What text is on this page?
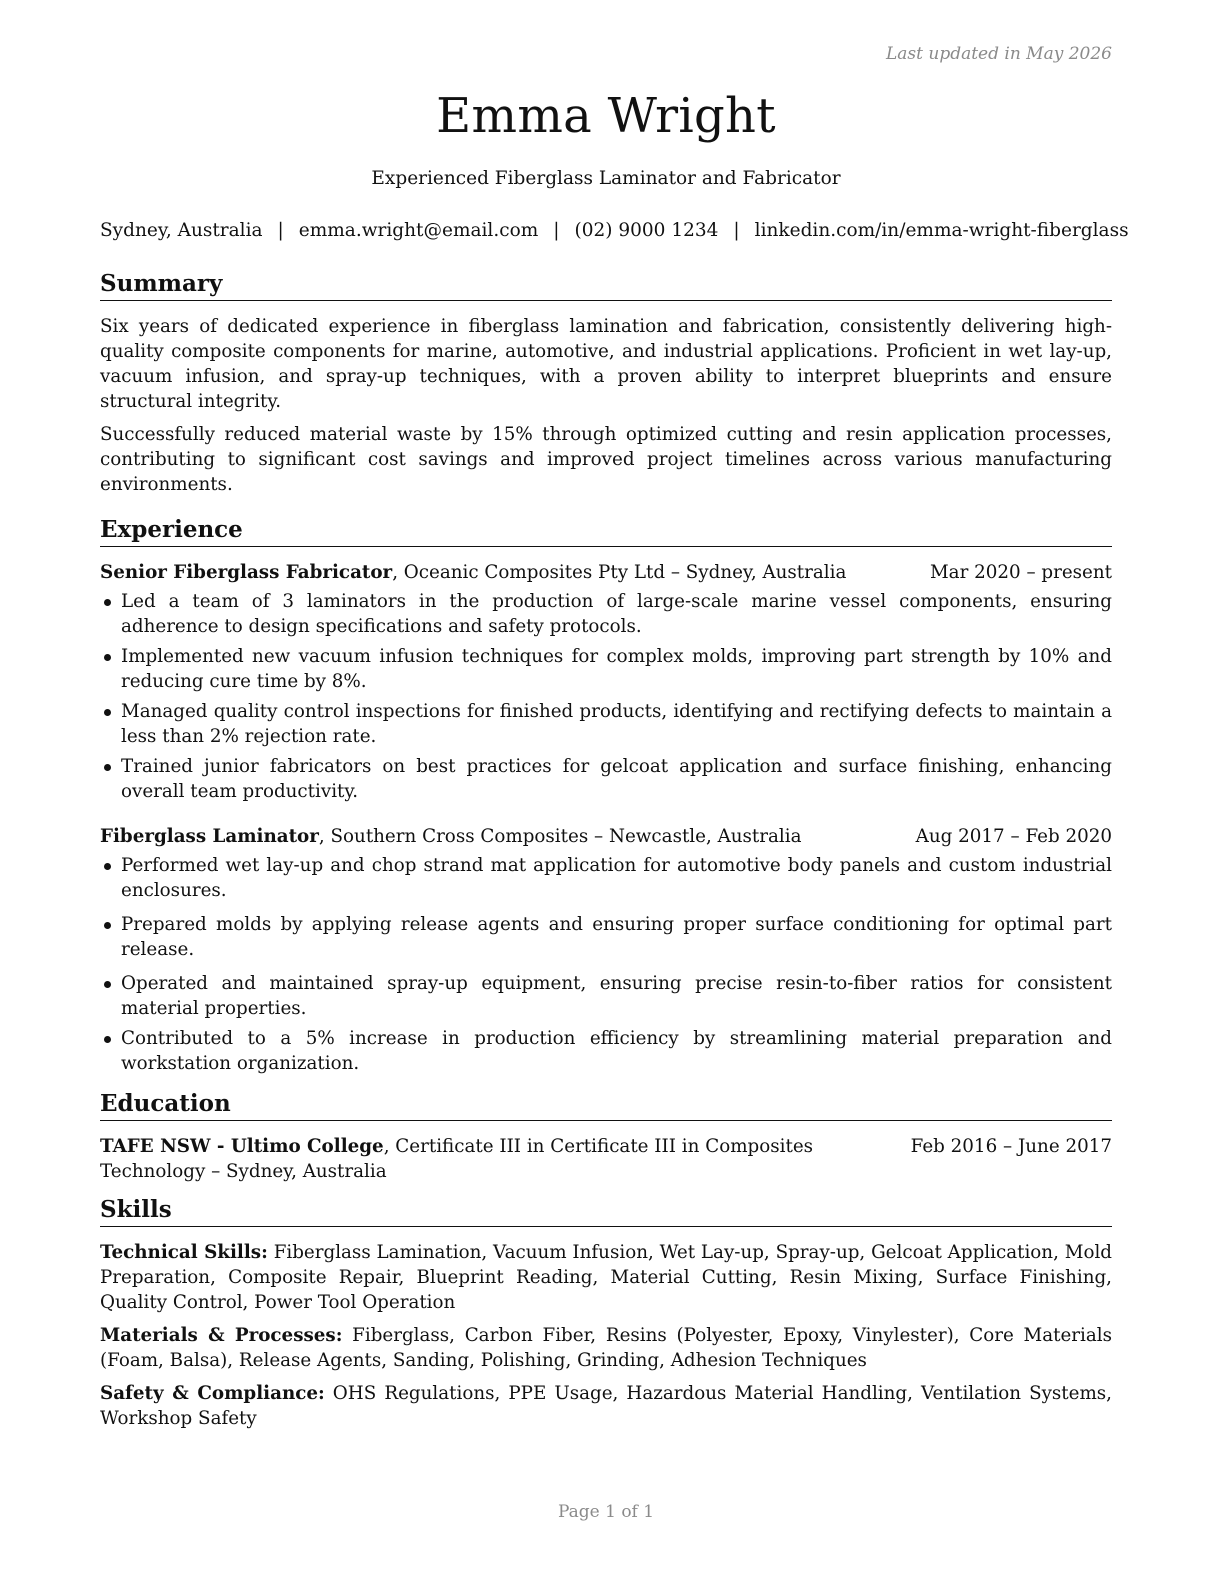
Last updated in May 2026
Emma Wright
Experienced Fiberglass Laminator and Fabricator
Sydney, Australia | emma.wright@email.com | (02) 9000 1234 | linkedin.com/in/emma-wright-fiberglass
Summary

Six years of dedicated experience in fiberglass lamination and fabrication, consistently delivering high-quality composite components for marine, automotive, and industrial applications. Proficient in wet lay-up, vacuum infusion, and spray-up techniques, with a proven ability to interpret blueprints and ensure structural integrity.

Successfully reduced material waste by 15% through optimized cutting and resin application processes, contributing to significant cost savings and improved project timelines across various manufacturing environments.

Experience
Senior Fiberglass Fabricator, Oceanic Composites Pty Ltd – Sydney, Australia	Mar 2020 – present
Led a team of 3 laminators in the production of large-scale marine vessel components, ensuring adherence to design specifications and safety protocols.
Implemented new vacuum infusion techniques for complex molds, improving part strength by 10% and reducing cure time by 8%.
Managed quality control inspections for finished products, identifying and rectifying defects to maintain a less than 2% rejection rate.
Trained junior fabricators on best practices for gelcoat application and surface finishing, enhancing overall team productivity.
Fiberglass Laminator, Southern Cross Composites – Newcastle, Australia	Aug 2017 – Feb 2020
Performed wet lay-up and chop strand mat application for automotive body panels and custom industrial enclosures.
Prepared molds by applying release agents and ensuring proper surface conditioning for optimal part release.
Operated and maintained spray-up equipment, ensuring precise resin-to-fiber ratios for consistent material properties.
Contributed to a 5% increase in production efficiency by streamlining material preparation and workstation organization.
Education
TAFE NSW - Ultimo College, Certificate III in Certificate III in Composites Technology – Sydney, Australia
Feb 2016 – June 2017
Skills

Technical Skills: Fiberglass Lamination, Vacuum Infusion, Wet Lay-up, Spray-up, Gelcoat Application, Mold Preparation, Composite Repair, Blueprint Reading, Material Cutting, Resin Mixing, Surface Finishing, Quality Control, Power Tool Operation

Materials & Processes: Fiberglass, Carbon Fiber, Resins (Polyester, Epoxy, Vinylester), Core Materials (Foam, Balsa), Release Agents, Sanding, Polishing, Grinding, Adhesion Techniques

Safety & Compliance: OHS Regulations, PPE Usage, Hazardous Material Handling, Ventilation Systems, Workshop Safety

Page 1 of 1
